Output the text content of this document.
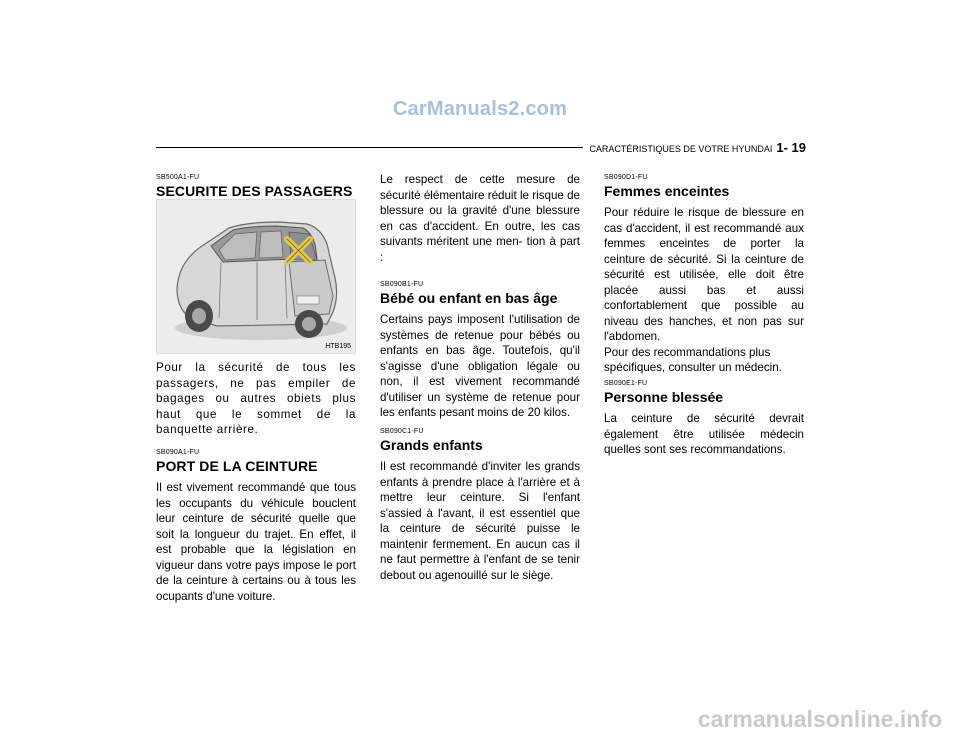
CarManuals2.com
CARACTÉRISTIQUES DE VOTRE HYUNDAI 1- 19
SB500A1-FU
SECURITE DES PASSAGERS
HTB195

Pour la sécurité de tous les passagers, ne pas empiler de bagages ou autres obiets plus haut que le sommet de la banquette arrière.

SB090A1-FU
PORT DE LA CEINTURE

Il est vivement recommandé que tous les occupants du véhicule bouclent leur ceinture de sécurité quelle que soit la longueur du trajet. En effet, il est probable que la législation en vigueur dans votre pays impose le port de la ceinture à certains ou à tous les ocupants d'une voiture.

Le respect de cette mesure de sécurité élémentaire réduit le risque de blessure ou la gravité d'une blessure en cas d'accident. En outre, les cas suivants méritent une men- tion à part :

SB090B1-FU
Bébé ou enfant en bas âge

Certains pays imposent l'utilisation de systèmes de retenue pour bébés ou enfants en bas âge. Toutefois, qu'il s'agisse d'une obligation légale ou non, il est vivement recommandé d'utiliser un système de retenue pour les enfants pesant moins de 20 kilos.

SB090C1-FU
Grands enfants

Il est recommandé d'inviter les grands enfants à prendre place à l'arrière et à mettre leur ceinture. Si l'enfant s'assied à l'avant, il est essentiel que la ceinture de sécurité puisse le maintenir fermement. En aucun cas il ne faut permettre à l'enfant de se tenir debout ou agenouillé sur le siège.

SB090D1-FU
Femmes enceintes

Pour réduire le risque de blessure en cas d'accident, il est recommandé aux femmes enceintes de porter la ceinture de sécurité. Si la ceinture de sécurité est utilisée, elle doit être placée aussi bas et aussi confortablement que possible au niveau des hanches, et non pas sur l'abdomen.

Pour des recommandations plus spécifiques, consulter un médecin.

SB090E1-FU
Personne blessée

La ceinture de sécurité devrait également être utilisée médecin quelles sont ses recommandations.

carmanualsonline.info
